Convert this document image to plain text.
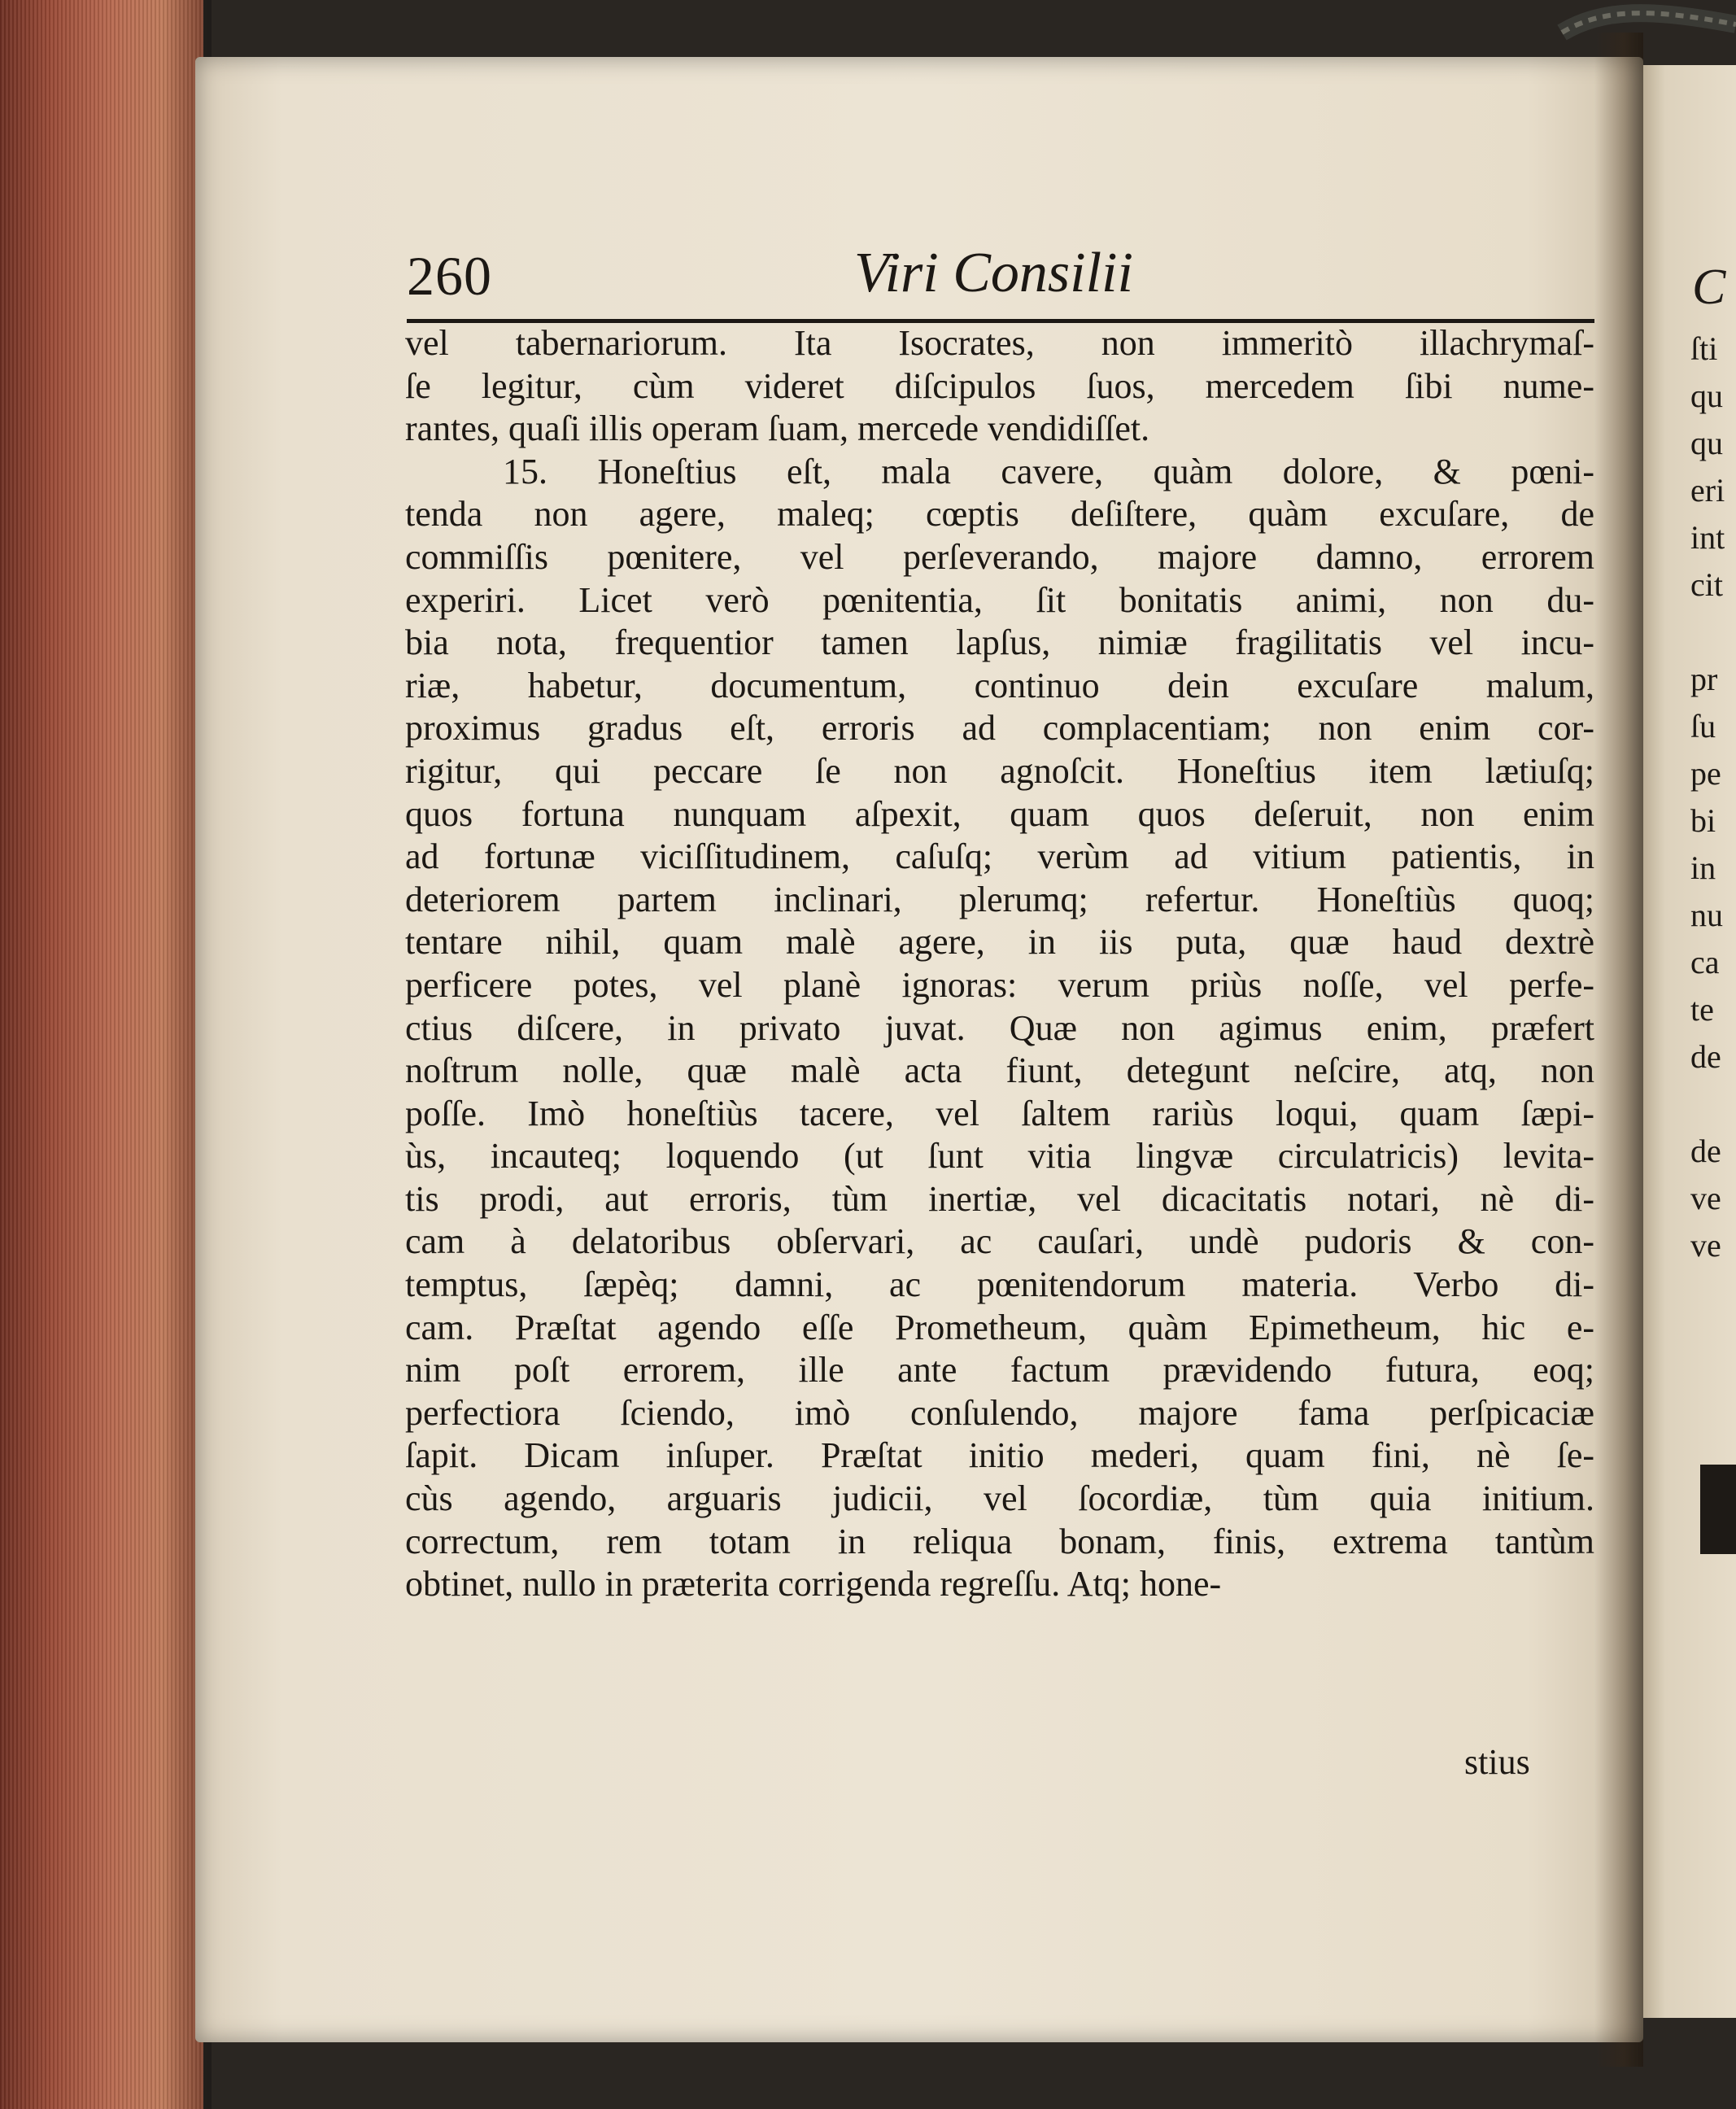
C
ſti
qu
qu
eri
int
cit
pr
ſu
pe
bi
in
nu
ca
te
de
de
ve
ve
260	Viri Consilii
vel tabernariorum. Ita Isocrates, non immeritò illachrymaſ-
ſe legitur, cùm videret diſcipulos ſuos, mercedem ſibi nume-
rantes, quaſi illis operam ſuam, mercede vendidiſſet.
15. Honeſtius eſt, mala cavere, quàm dolore, & pœni-
tenda non agere, maleq; cœptis deſiſtere, quàm excuſare, de
commiſſis pœnitere, vel perſeverando, majore damno, errorem
experiri. Licet verò pœnitentia, ſit bonitatis animi, non du-
bia nota, frequentior tamen lapſus, nimiæ fragilitatis vel incu-
riæ, habetur, documentum, continuo dein excuſare malum,
proximus gradus eſt, erroris ad complacentiam; non enim cor-
rigitur, qui peccare ſe non agnoſcit. Honeſtius item lætiuſq;
quos fortuna nunquam aſpexit, quam quos deſeruit, non enim
ad fortunæ viciſſitudinem, caſuſq; verùm ad vitium patientis, in
deteriorem partem inclinari, plerumq; refertur. Honeſtiùs quoq;
tentare nihil, quam malè agere, in iis puta, quæ haud dextrè
perficere potes, vel planè ignoras: verum priùs noſſe, vel perfe-
ctius diſcere, in privato juvat. Quæ non agimus enim, præfert
noſtrum nolle, quæ malè acta fiunt, detegunt neſcire, atq, non
poſſe. Imò honeſtiùs tacere, vel ſaltem rariùs loqui, quam ſæpi-
ùs, incauteq; loquendo (ut ſunt vitia lingvæ circulatricis) levita-
tis prodi, aut erroris, tùm inertiæ, vel dicacitatis notari, nè di-
cam à delatoribus obſervari, ac cauſari, undè pudoris & con-
temptus, ſæpèq; damni, ac pœnitendorum materia. Verbo di-
cam. Præſtat agendo eſſe Prometheum, quàm Epimetheum, hic e-
nim poſt errorem, ille ante factum prævidendo futura, eoq;
perfectiora ſciendo, imò conſulendo, majore fama perſpicaciæ
ſapit. Dicam inſuper. Præſtat initio mederi, quam fini, nè ſe-
cùs agendo, arguaris judicii, vel ſocordiæ, tùm quia initium.
correctum, rem totam in reliqua bonam, finis, extrema tantùm
obtinet, nullo in præterita corrigenda regreſſu. Atq; hone-
stius
